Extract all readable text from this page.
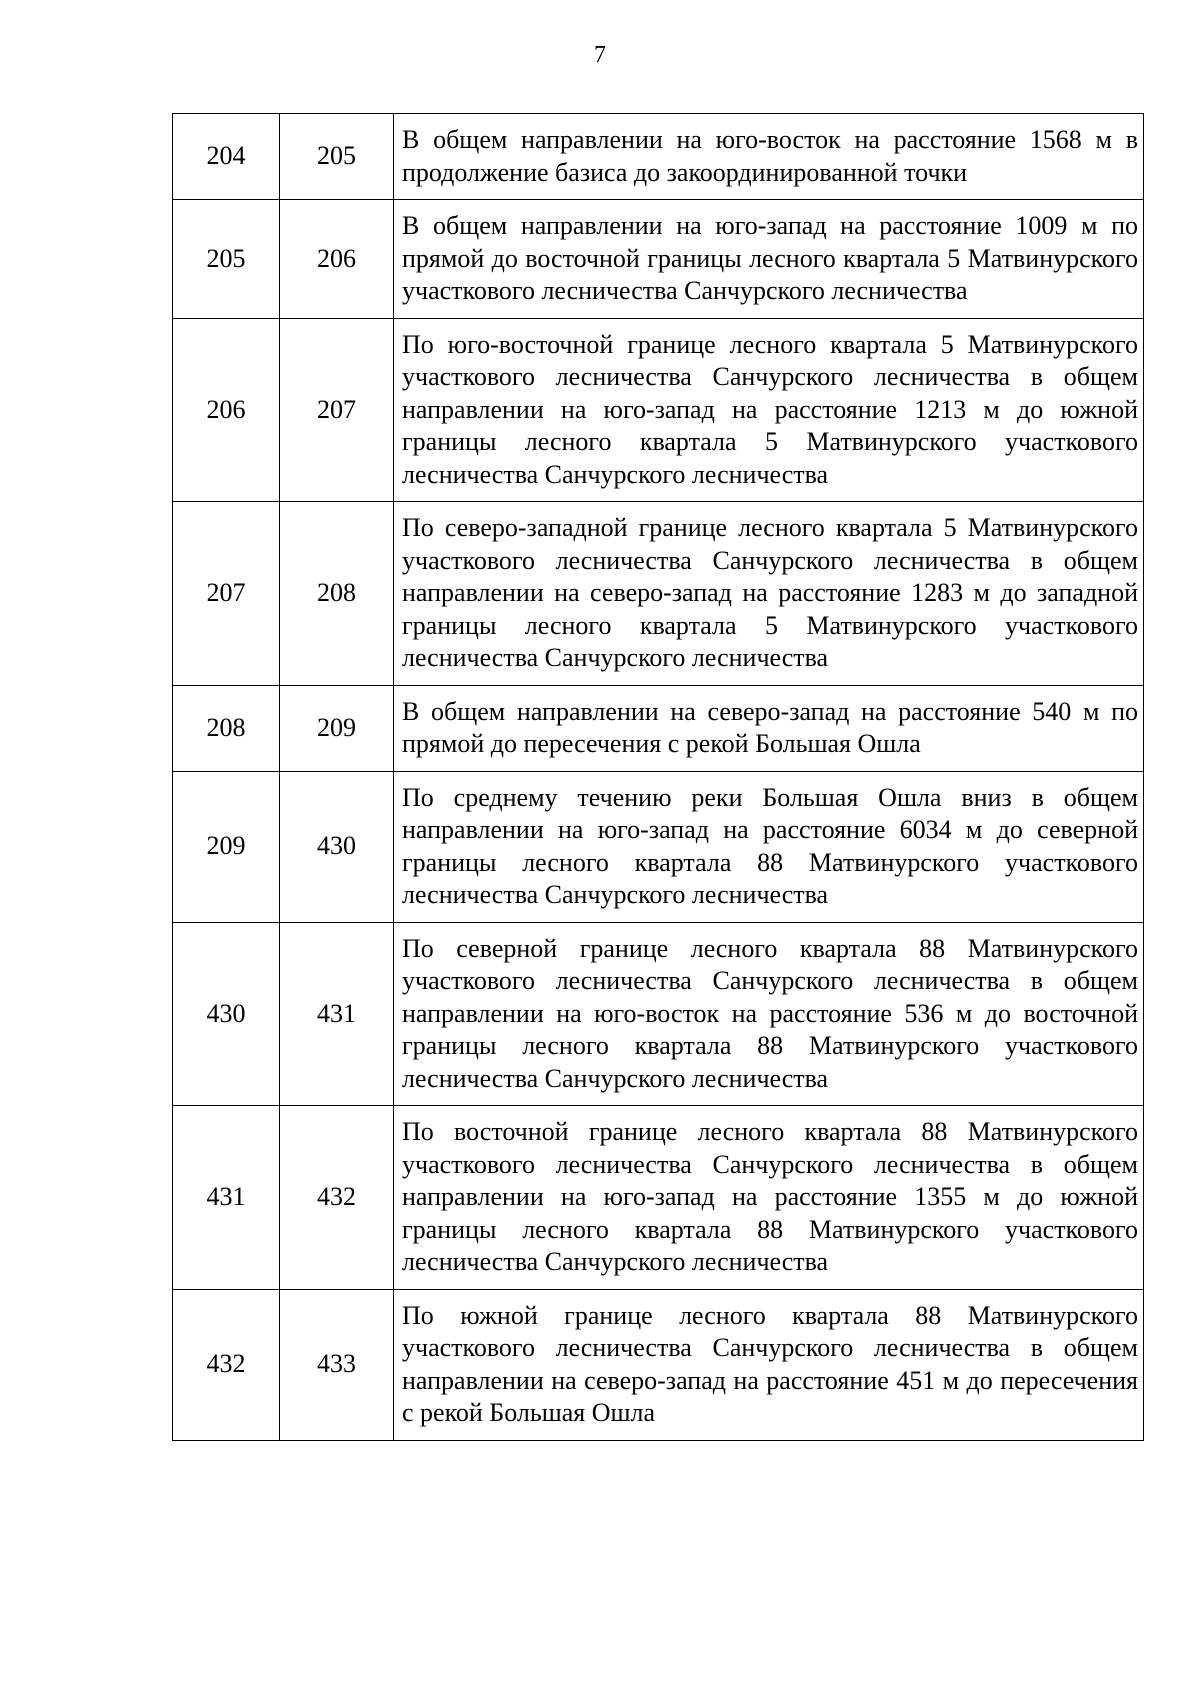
7
204	205	В общем направлении на юго-восток на расстояние 1568 м в продолжение базиса до закоординированной точки
205	206	В общем направлении на юго-запад на расстояние 1009 м по прямой до восточной границы лесного квартала 5 Матвинурского участкового лесничества Санчурского лесничества
206	207	По юго-восточной границе лесного квартала 5 Матвинурского участкового лесничества Санчурского лесничества в общем направлении на юго-запад на расстояние 1213 м до южной границы лесного квартала 5 Матвинурского участкового лесничества Санчурского лесничества
207	208	По северо-западной границе лесного квартала 5 Матвинурского участкового лесничества Санчурского лесничества в общем направлении на северо-запад на расстояние 1283 м до западной границы лесного квартала 5 Матвинурского участкового лесничества Санчурского лесничества
208	209	В общем направлении на северо-запад на расстояние 540 м по прямой до пересечения с рекой Большая Ошла
209	430	По среднему течению реки Большая Ошла вниз в общем направлении на юго-запад на расстояние 6034 м до северной границы лесного квартала 88 Матвинурского участкового лесничества Санчурского лесничества
430	431	По северной границе лесного квартала 88 Матвинурского участкового лесничества Санчурского лесничества в общем направлении на юго-восток на расстояние 536 м до восточной границы лесного квартала 88 Матвинурского участкового лесничества Санчурского лесничества
431	432	По восточной границе лесного квартала 88 Матвинурского участкового лесничества Санчурского лесничества в общем направлении на юго-запад на расстояние 1355 м до южной границы лесного квартала 88 Матвинурского участкового лесничества Санчурского лесничества
432	433	По южной границе лесного квартала 88 Матвинурского участкового лесничества Санчурского лесничества в общем направлении на северо-запад на расстояние 451 м до пересечения с рекой Большая Ошла
